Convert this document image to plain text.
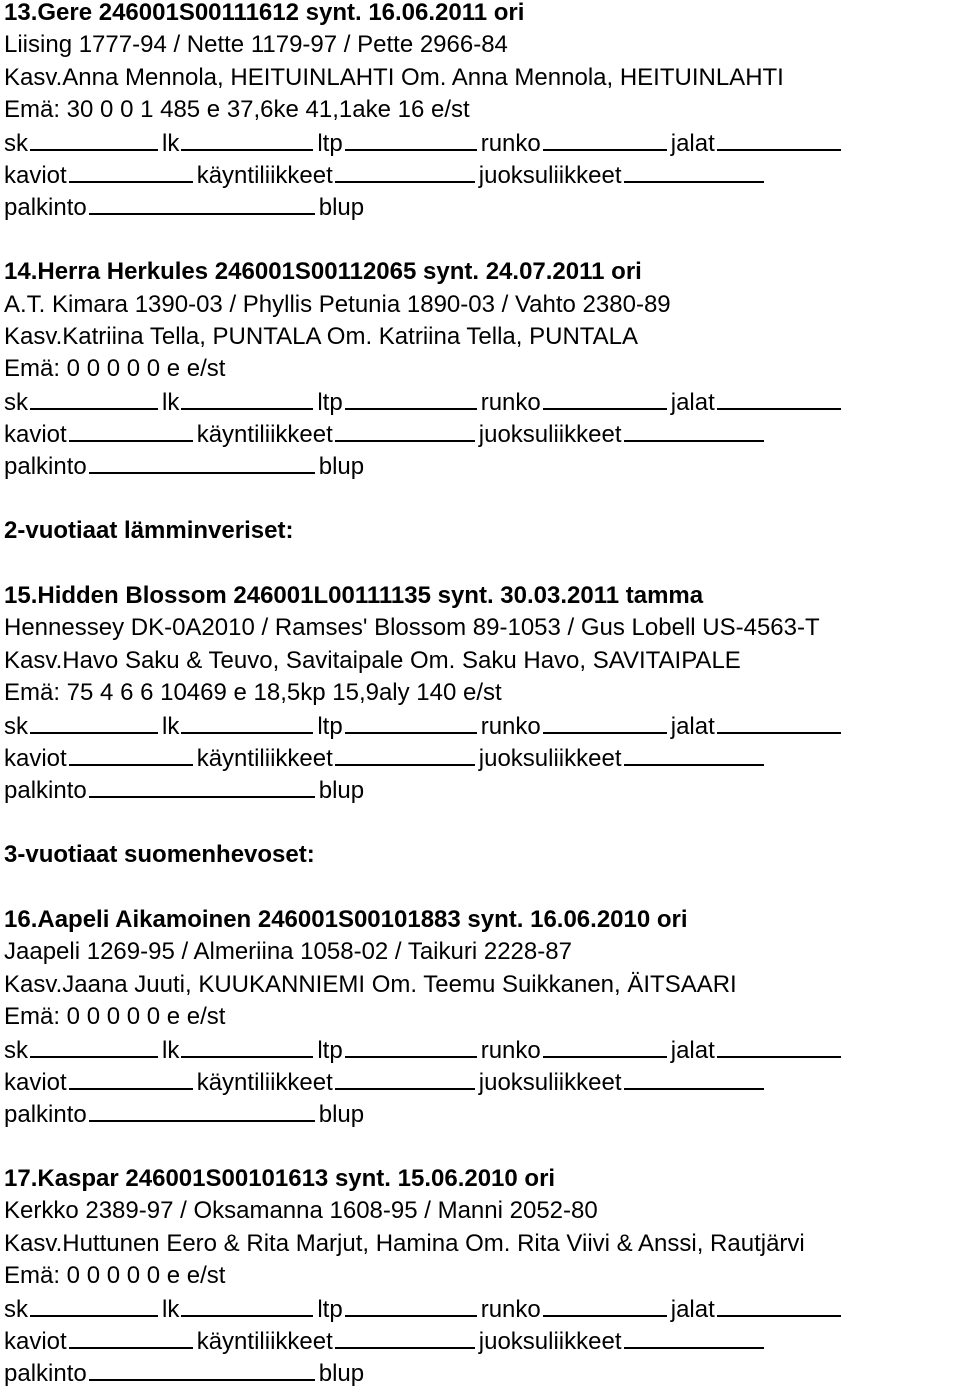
13.Gere 246001S00111612 synt. 16.06.2011 ori
Liising 1777-94 / Nette 1179-97 / Pette 2966-84
Kasv.Anna Mennola, HEITUINLAHTI Om. Anna Mennola, HEITUINLAHTI
Emä: 30 0 0 1 485 e 37,6ke 41,1ake 16 e/st
sk	lk	ltp	runko	jalat
kaviot	käyntiliikkeet	juoksuliikkeet
palkinto	blup
14.Herra Herkules 246001S00112065 synt. 24.07.2011 ori
A.T. Kimara 1390-03 / Phyllis Petunia 1890-03 / Vahto 2380-89
Kasv.Katriina Tella, PUNTALA Om. Katriina Tella, PUNTALA
Emä: 0 0 0 0 0 e e/st
sk	lk	ltp	runko	jalat
kaviot	käyntiliikkeet	juoksuliikkeet
palkinto	blup
2-vuotiaat lämminveriset:
15.Hidden Blossom 246001L00111135 synt. 30.03.2011 tamma
Hennessey DK-0A2010 / Ramses' Blossom 89-1053 / Gus Lobell US-4563-T
Kasv.Havo Saku & Teuvo, Savitaipale Om. Saku Havo, SAVITAIPALE
Emä: 75 4 6 6 10469 e 18,5kp 15,9aly 140 e/st
sk	lk	ltp	runko	jalat
kaviot	käyntiliikkeet	juoksuliikkeet
palkinto	blup
3-vuotiaat suomenhevoset:
16.Aapeli Aikamoinen 246001S00101883 synt. 16.06.2010 ori
Jaapeli 1269-95 / Almeriina 1058-02 / Taikuri 2228-87
Kasv.Jaana Juuti, KUUKANNIEMI Om. Teemu Suikkanen, ÄITSAARI
Emä: 0 0 0 0 0 e e/st
sk	lk	ltp	runko	jalat
kaviot	käyntiliikkeet	juoksuliikkeet
palkinto	blup
17.Kaspar 246001S00101613 synt. 15.06.2010 ori
Kerkko 2389-97 / Oksamanna 1608-95 / Manni 2052-80
Kasv.Huttunen Eero & Rita Marjut, Hamina Om. Rita Viivi & Anssi, Rautjärvi
Emä: 0 0 0 0 0 e e/st
sk	lk	ltp	runko	jalat
kaviot	käyntiliikkeet	juoksuliikkeet
palkinto	blup
